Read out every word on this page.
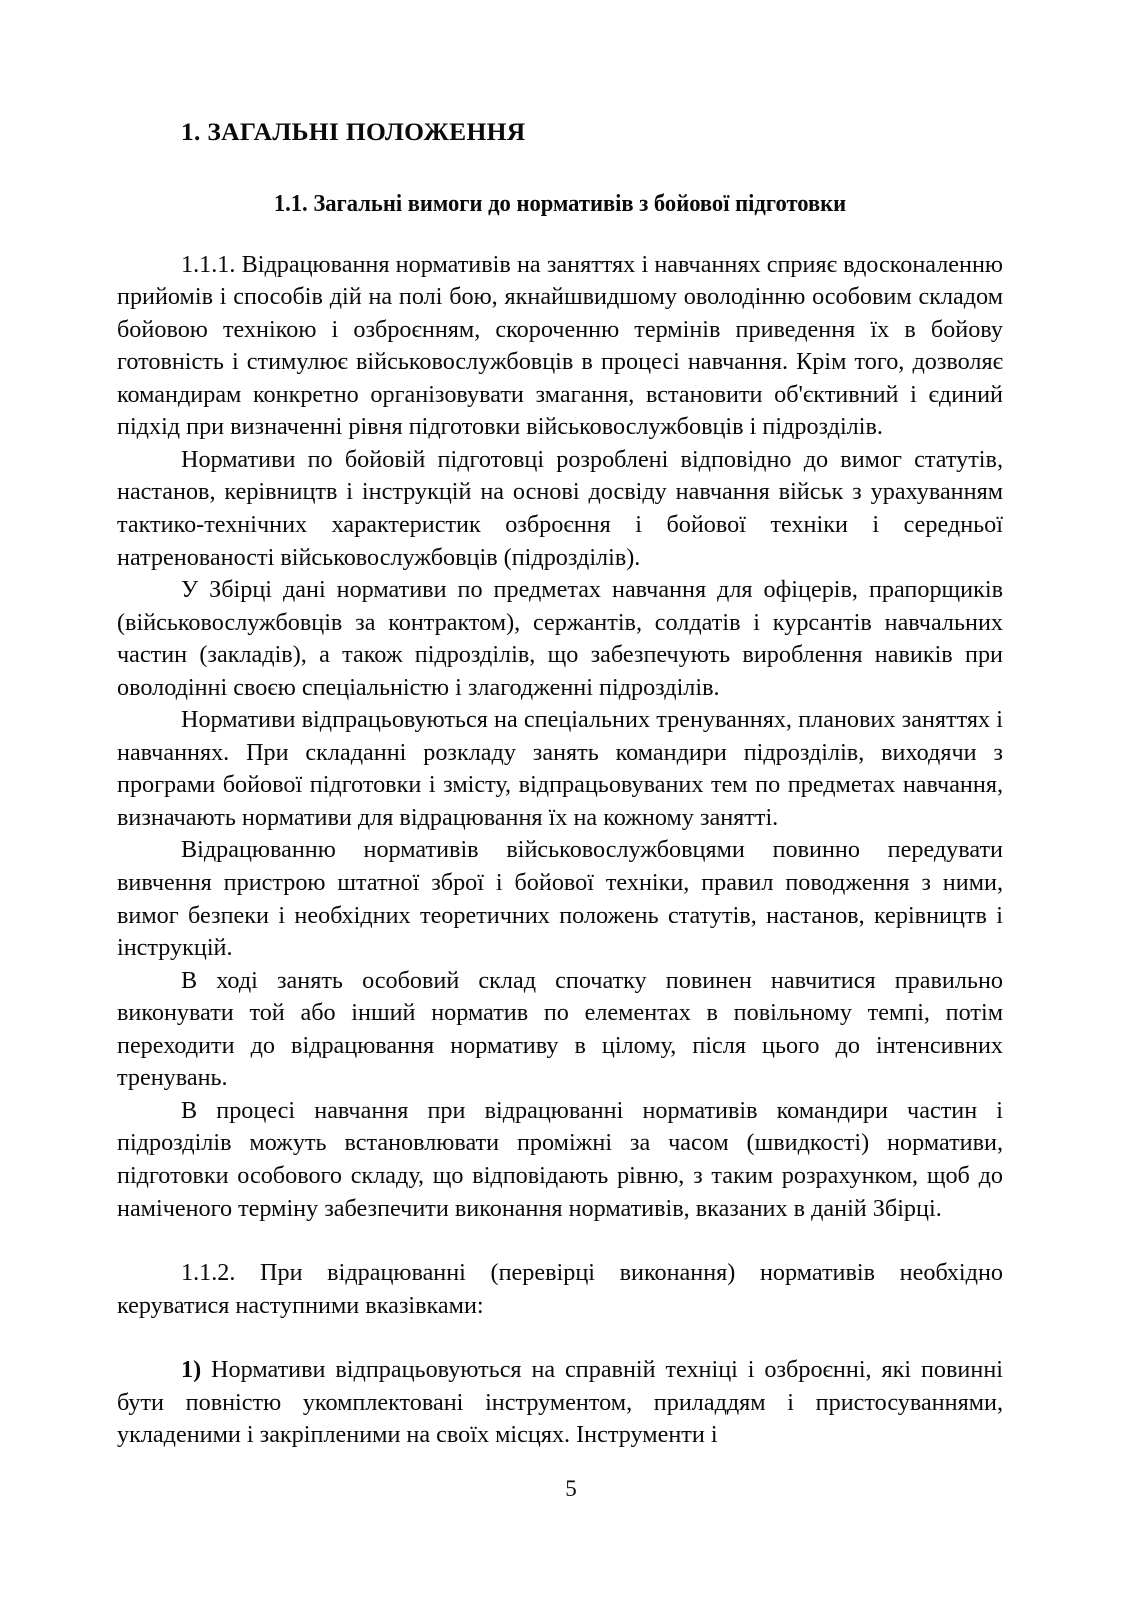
1. ЗАГАЛЬНІ ПОЛОЖЕННЯ
1.1. Загальні вимоги до нормативів з бойової підготовки

1.1.1. Відрацювання нормативів на заняттях і навчаннях сприяє вдосконаленню прийомів і способів дій на полі бою, якнайшвидшому оволодінню особовим складом бойовою технікою і озброєнням, скороченню термінів приведення їх в бойову готовність і стимулює військовослужбовців в процесі навчання. Крім того, дозволяє командирам конкретно організовувати змагання, встановити об'єктивний і єдиний підхід при визначенні рівня підготовки військовослужбовців і підрозділів.

Нормативи по бойовій підготовці розроблені відповідно до вимог статутів, настанов, керівництв і інструкцій на основі досвіду навчання військ з урахуванням тактико-технічних характеристик озброєння і бойової техніки і середньої натренованості військовослужбовців (підрозділів).

У Збірці дані нормативи по предметах навчання для офіцерів, прапорщиків (військовослужбовців за контрактом), сержантів, солдатів і курсантів навчальних частин (закладів), а також підрозділів, що забезпечують вироблення навиків при оволодінні своєю спеціальністю і злагодженні підрозділів.

Нормативи відпрацьовуються на спеціальних тренуваннях, планових заняттях і навчаннях. При складанні розкладу занять командири підрозділів, виходячи з програми бойової підготовки і змісту, відпрацьовуваних тем по предметах навчання, визначають нормативи для відрацювання їх на кожному занятті.

Відрацюванню нормативів військовослужбовцями повинно передувати вивчення пристрою штатної зброї і бойової техніки, правил поводження з ними, вимог безпеки і необхідних теоретичних положень статутів, настанов, керівництв і інструкцій.

В ході занять особовий склад спочатку повинен навчитися правильно виконувати той або інший норматив по елементах в повільному темпі, потім переходити до відрацювання нормативу в цілому, після цього до інтенсивних тренувань.

В процесі навчання при відрацюванні нормативів командири частин і підрозділів можуть встановлювати проміжні за часом (швидкості) нормативи, підготовки особового складу, що відповідають рівню, з таким розрахунком, щоб до наміченого терміну забезпечити виконання нормативів, вказаних в даній Збірці.

1.1.2. При відрацюванні (перевірці виконання) нормативів необхідно керуватися наступними вказівками:

1) Нормативи відпрацьовуються на справній техніці і озброєнні, які повинні бути повністю укомплектовані інструментом, приладдям і пристосуваннями, укладеними і закріпленими на своїх місцях. Інструменти і

5
